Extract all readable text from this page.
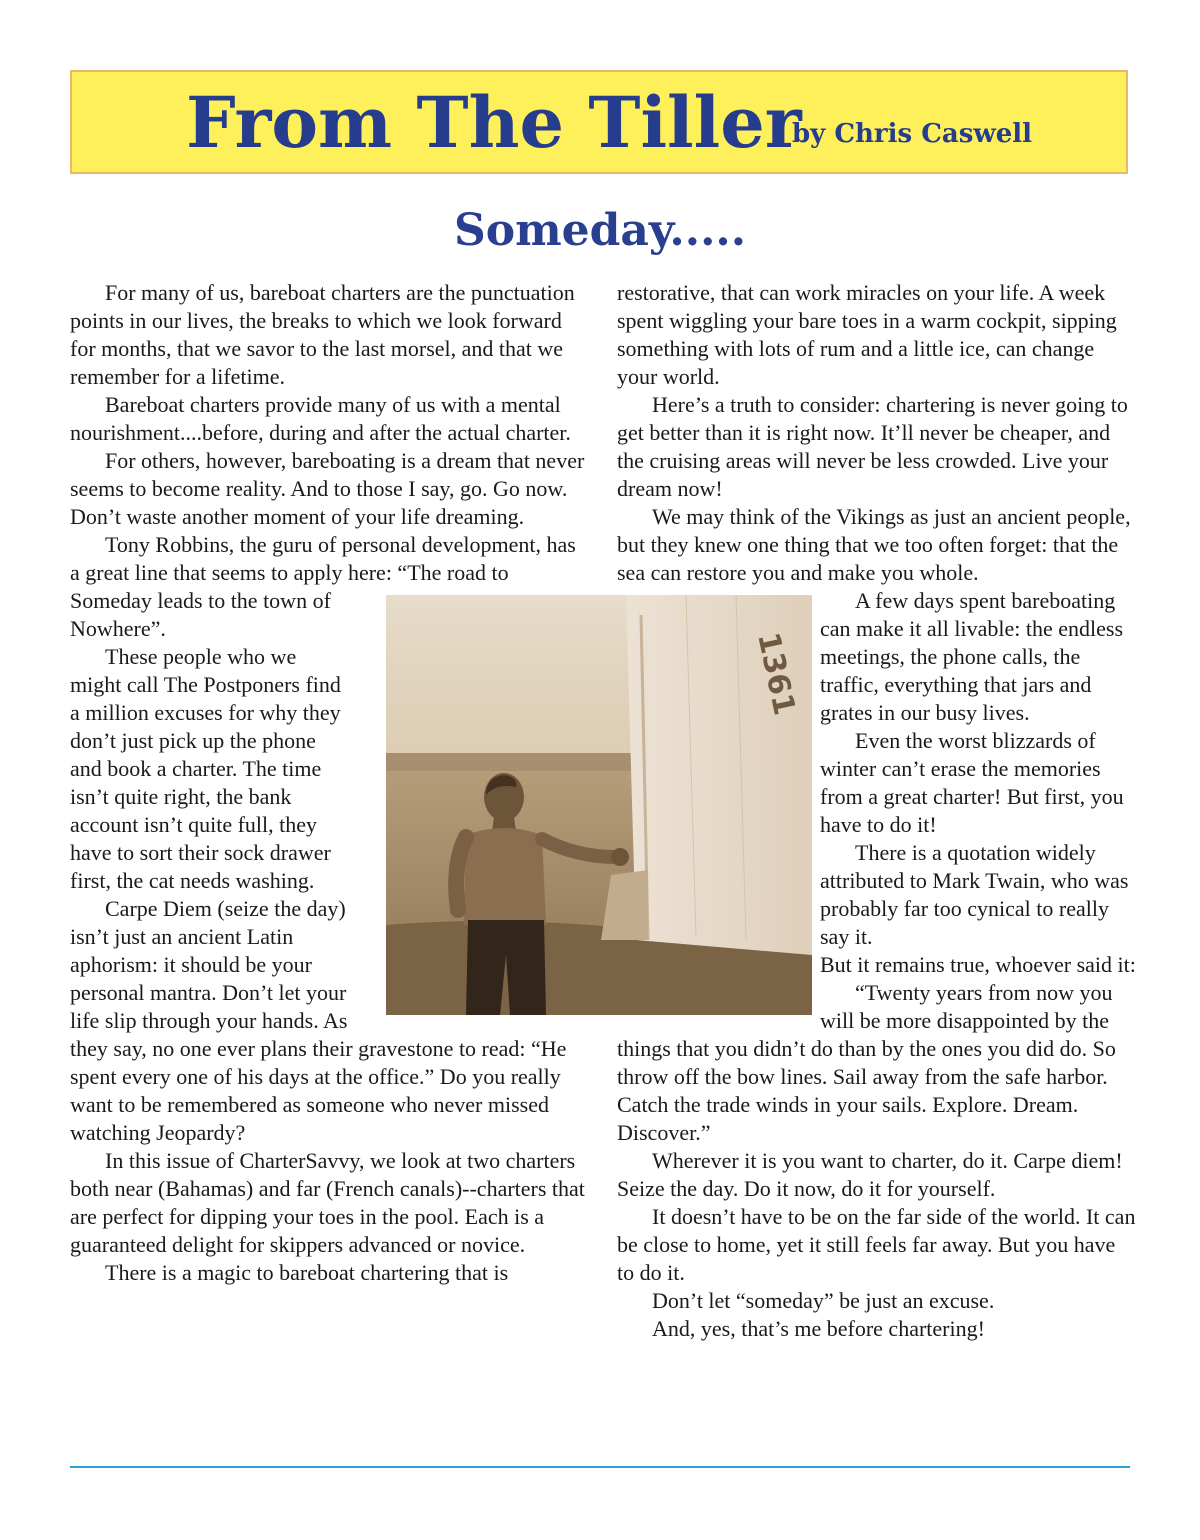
From The Tiller
by Chris Caswell
Someday.....

For many of us, bareboat charters are the punctuation points in our lives, the breaks to which we look forward for months, that we savor to the last morsel, and that we remember for a lifetime.

Bareboat charters provide many of us with a mental nourishment....before, during and after the actual charter.

For others, however, bareboating is a dream that never seems to become reality. And to those I say, go. Go now. Don’t waste another moment of your life dreaming.

Tony Robbins, the guru of personal development, has a great line that seems to apply here: “The road to Someday leads to the town of Nowhere”.

These people who we might call The Postponers find a million excuses for why they don’t just pick up the phone and book a charter. The time isn’t quite right, the bank account isn’t quite full, they have to sort their sock drawer first, the cat needs washing.

Carpe Diem (seize the day) isn’t just an ancient Latin aphorism: it should be your personal mantra. Don’t let your life slip through your hands. As they say, no one ever plans their gravestone to read: “He spent every one of his days at the office.” Do you really want to be remembered as someone who never missed watching Jeopardy?

In this issue of CharterSavvy, we look at two charters both near (Bahamas) and far (French canals)--charters that are perfect for dipping your toes in the pool. Each is a guaranteed delight for skippers advanced or novice.

There is a magic to bareboat chartering that is

restorative, that can work miracles on your life. A week spent wiggling your bare toes in a warm cockpit, sipping something with lots of rum and a little ice, can change your world.

Here’s a truth to consider: chartering is never going to get better than it is right now. It’ll never be cheaper, and the cruising areas will never be less crowded. Live your dream now!

We may think of the Vikings as just an ancient people, but they knew one thing that we too often forget: that the sea can restore you and make you whole.

A few days spent bareboating can make it all livable: the endless meetings, the phone calls, the traffic, everything that jars and grates in our busy lives.

Even the worst blizzards of winter can’t erase the memories from a great charter! But first, you have to do it!

There is a quotation widely attributed to Mark Twain, who was probably far too cynical to really say it.

But it remains true, whoever said it:

“Twenty years from now you will be more disappointed by the things that you didn’t do than by the ones you did do. So throw off the bow lines. Sail away from the safe harbor. Catch the trade winds in your sails. Explore. Dream. Discover.”

Wherever it is you want to charter, do it. Carpe diem! Seize the day. Do it now, do it for yourself.

It doesn’t have to be on the far side of the world. It can be close to home, yet it still feels far away. But you have to do it.

Don’t let “someday” be just an excuse.

And, yes, that’s me before chartering!

1361
